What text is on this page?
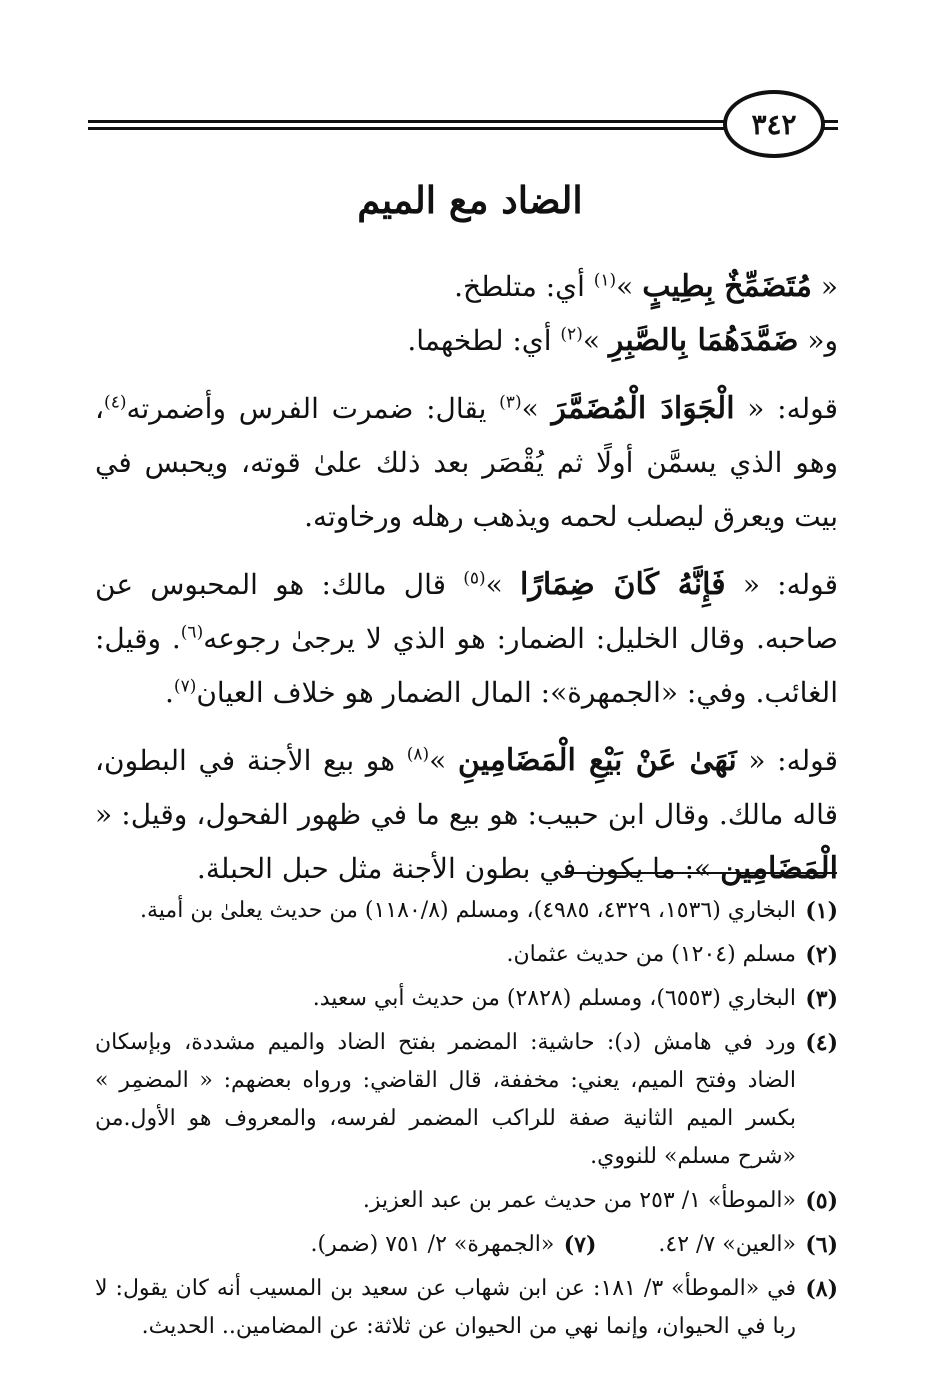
٣٤٢
الضاد مع الميم

« مُتَضَمِّخٌ بِطِيبٍ »$^{(١)}$ أي: متلطخ.

و« ضَمَّدَهُمَا بِالصَّبِرِ »$^{(٢)}$ أي: لطخهما.

قوله: « الْجَوَادَ الْمُضَمَّرَ »$^{(٣)}$ يقال: ضمرت الفرس وأضمرته$^{(٤)}$، وهو الذي يسمَّن أولًا ثم يُقْصَر بعد ذلك علىٰ قوته، ويحبس في بيت ويعرق ليصلب لحمه ويذهب رهله ورخاوته.

قوله: « فَإِنَّهُ كَانَ ضِمَارًا »$^{(٥)}$ قال مالك: هو المحبوس عن صاحبه. وقال الخليل: الضمار: هو الذي لا يرجىٰ رجوعه$^{(٦)}$. وقيل: الغائب. وفي: «الجمهرة»: المال الضمار هو خلاف العيان$^{(٧)}$.

قوله: « نَهَىٰ عَنْ بَيْعِ الْمَضَامِينِ »$^{(٨)}$ هو بيع الأجنة في البطون، قاله مالك. وقال ابن حبيب: هو بيع ما في ظهور الفحول، وقيل: « الْمَضَامِين »: ما يكون في بطون الأجنة مثل حبل الحبلة.

(١)
البخاري (١٥٣٦، ٤٣٢٩، ٤٩٨٥)، ومسلم (١١٨٠/٨) من حديث يعلىٰ بن أمية.
(٢)
مسلم (١٢٠٤) من حديث عثمان.
(٣)
البخاري (٦٥٥٣)، ومسلم (٢٨٢٨) من حديث أبي سعيد.
(٤)
ورد في هامش (د): حاشية: المضمر بفتح الضاد والميم مشددة، وبإسكان الضاد وفتح الميم، يعني: مخففة، قال القاضي: ورواه بعضهم: « المضمِر » بكسر الميم الثانية صفة للراكب المضمر لفرسه، والمعروف هو الأول.من «شرح مسلم» للنووي.
(٥)
«الموطأ» ١/ ٢٥٣ من حديث عمر بن عبد العزيز.
(٦)
«العين» ٧/ ٤٢.
(٧)
«الجمهرة» ٢/ ٧٥١ (ضمر).
(٨)
في «الموطأ» ٣/ ١٨١: عن ابن شهاب عن سعيد بن المسيب أنه كان يقول: لا ربا في الحيوان، وإنما نهي من الحيوان عن ثلاثة: عن المضامين.. الحديث.
